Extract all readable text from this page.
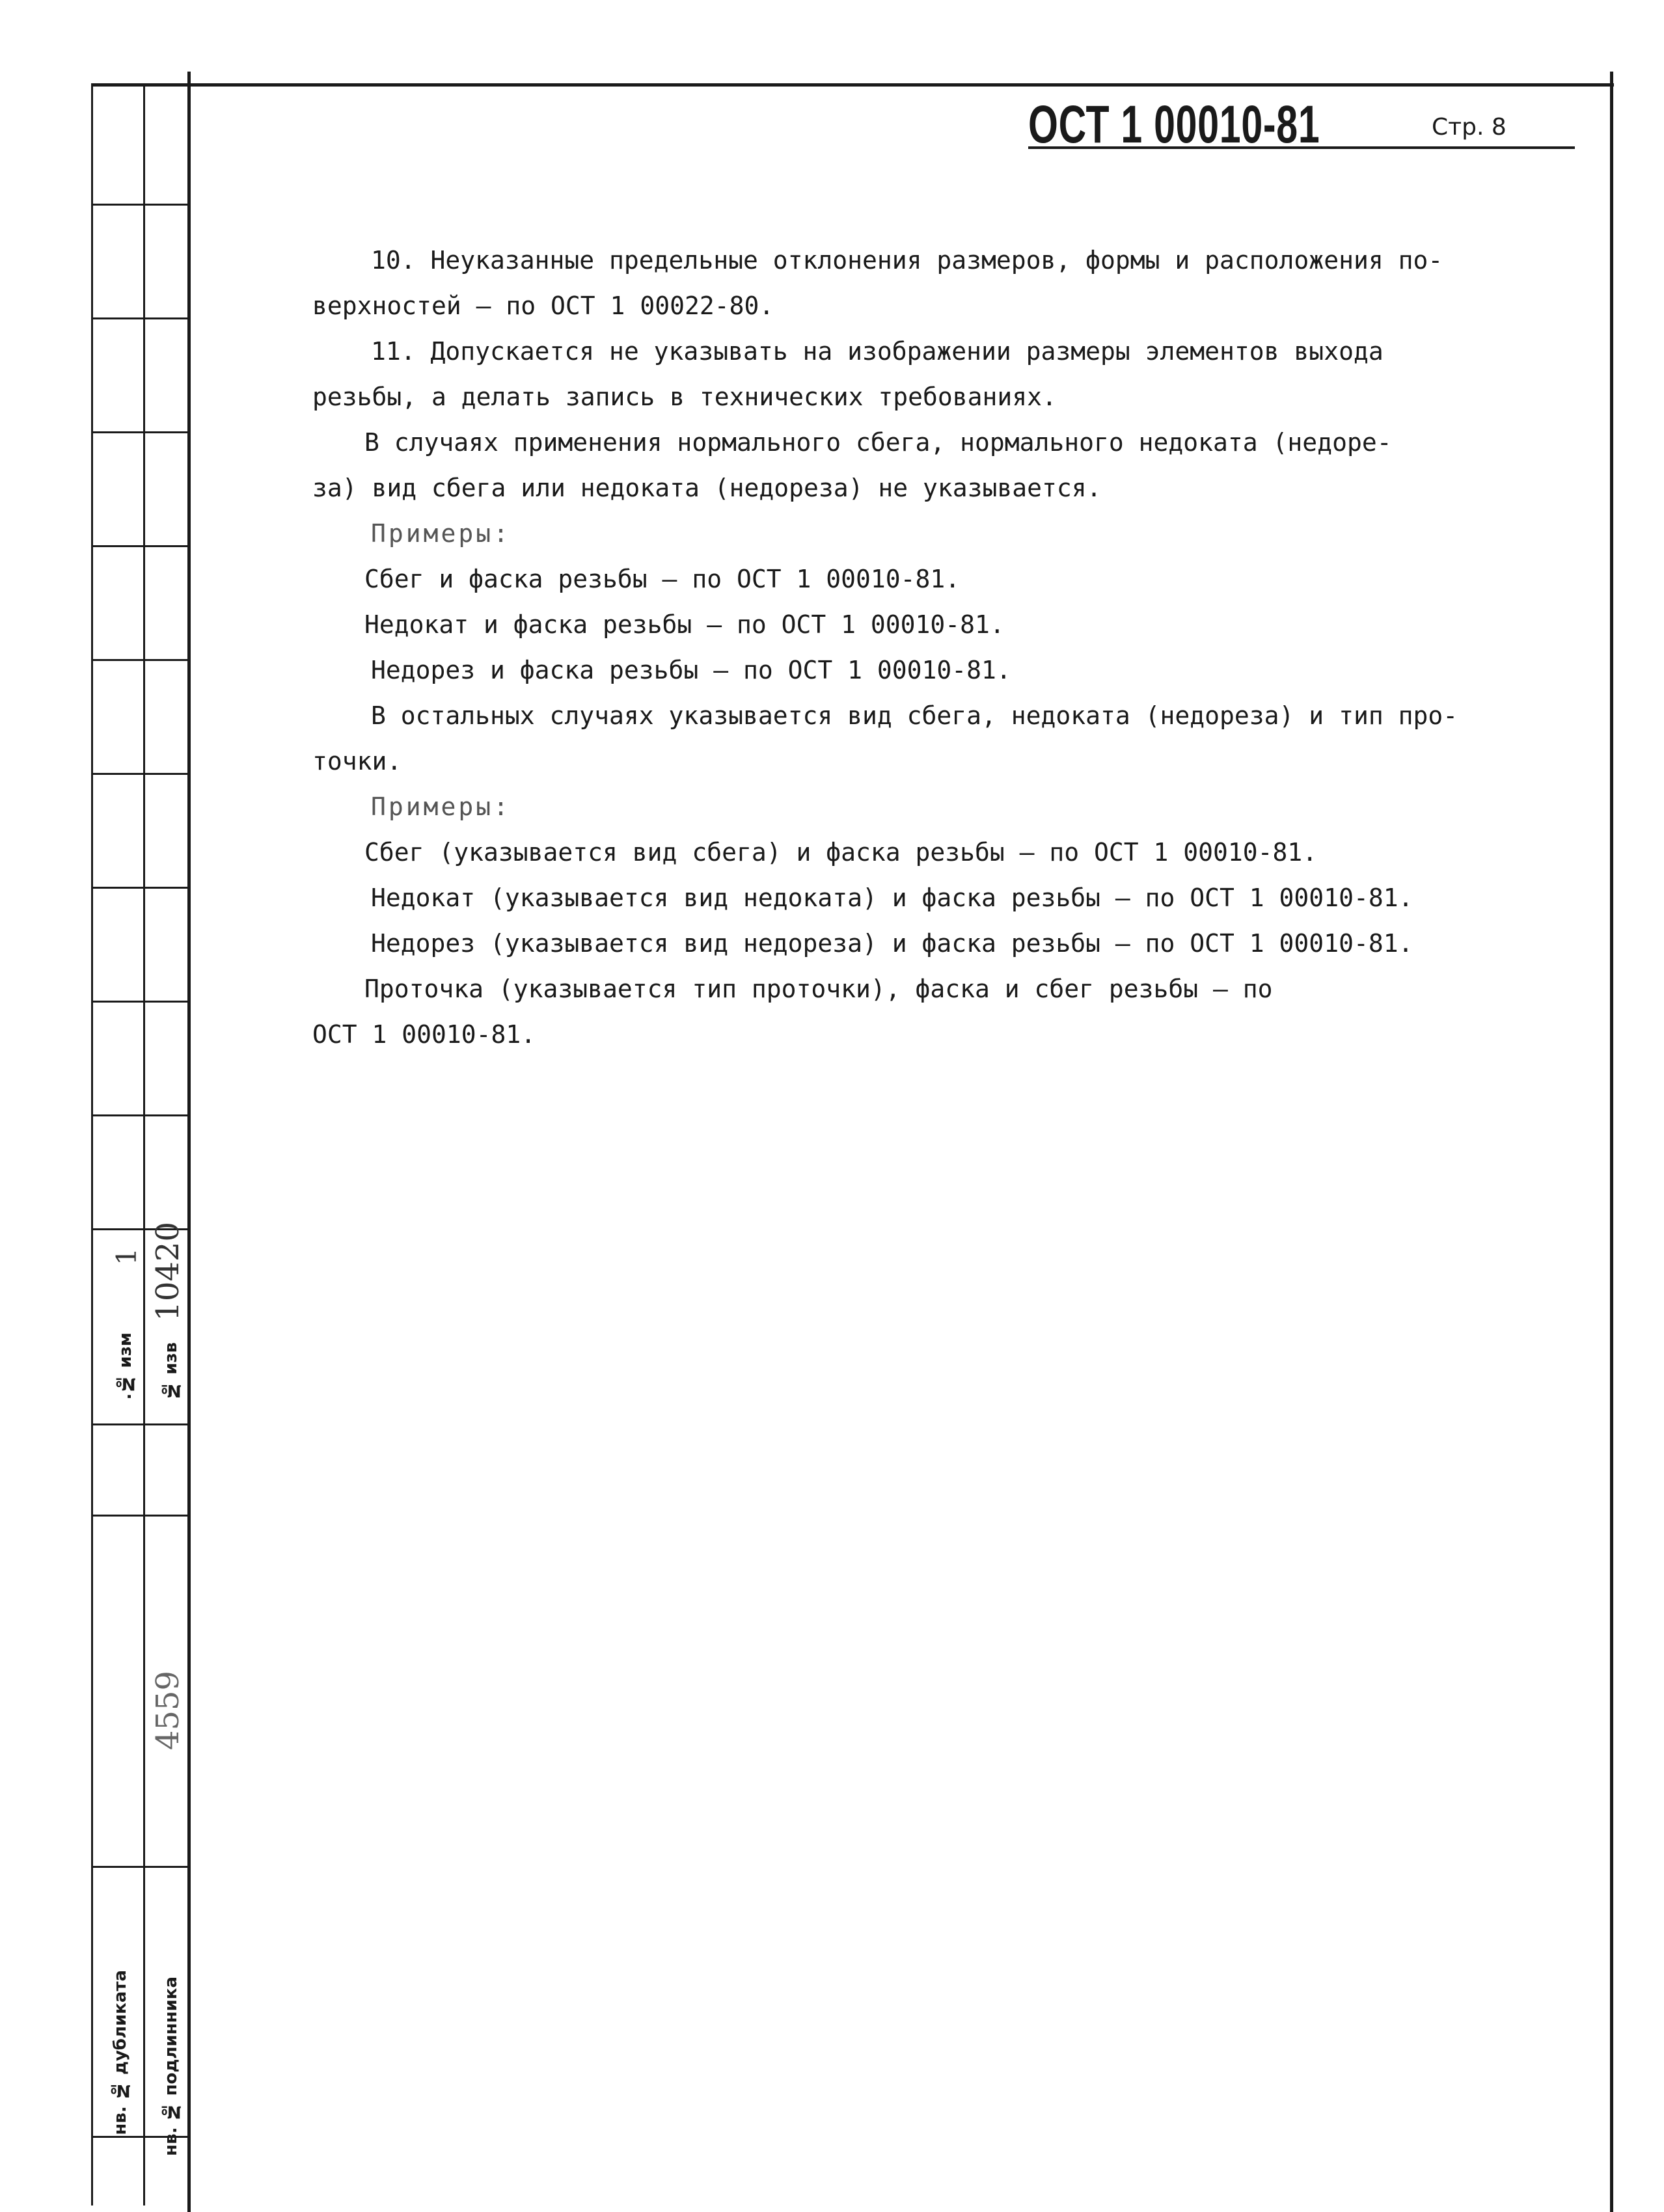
1 10420
.№ изм № изв
4559
нв. № дубликата нв. № подлинника
ОСТ 1 00010-81	Стр. 8
10. Неуказанные предельные отклонения размеров, формы и расположения по-
верхностей – по ОСТ 1 00022-80.
11. Допускается не указывать на изображении размеры элементов выхода
резьбы, а делать запись в технических требованиях.
В случаях применения нормального сбега, нормального недоката (недоре-
за) вид сбега или недоката (недореза) не указывается.
Примеры:
Сбег и фаска резьбы – по ОСТ 1 00010-81.
Недокат и фаска резьбы – по ОСТ 1 00010-81.
Недорез и фаска резьбы – по ОСТ 1 00010-81.
В остальных случаях указывается вид сбега, недоката (недореза) и тип про-
точки.
Примеры:
Сбег (указывается вид сбега) и фаска резьбы – по ОСТ 1 00010-81.
Недокат (указывается вид недоката) и фаска резьбы – по ОСТ 1 00010-81.
Недорез (указывается вид недореза) и фаска резьбы – по ОСТ 1 00010-81.
Проточка (указывается тип проточки), фаска и сбег резьбы – по
ОСТ 1 00010-81.
